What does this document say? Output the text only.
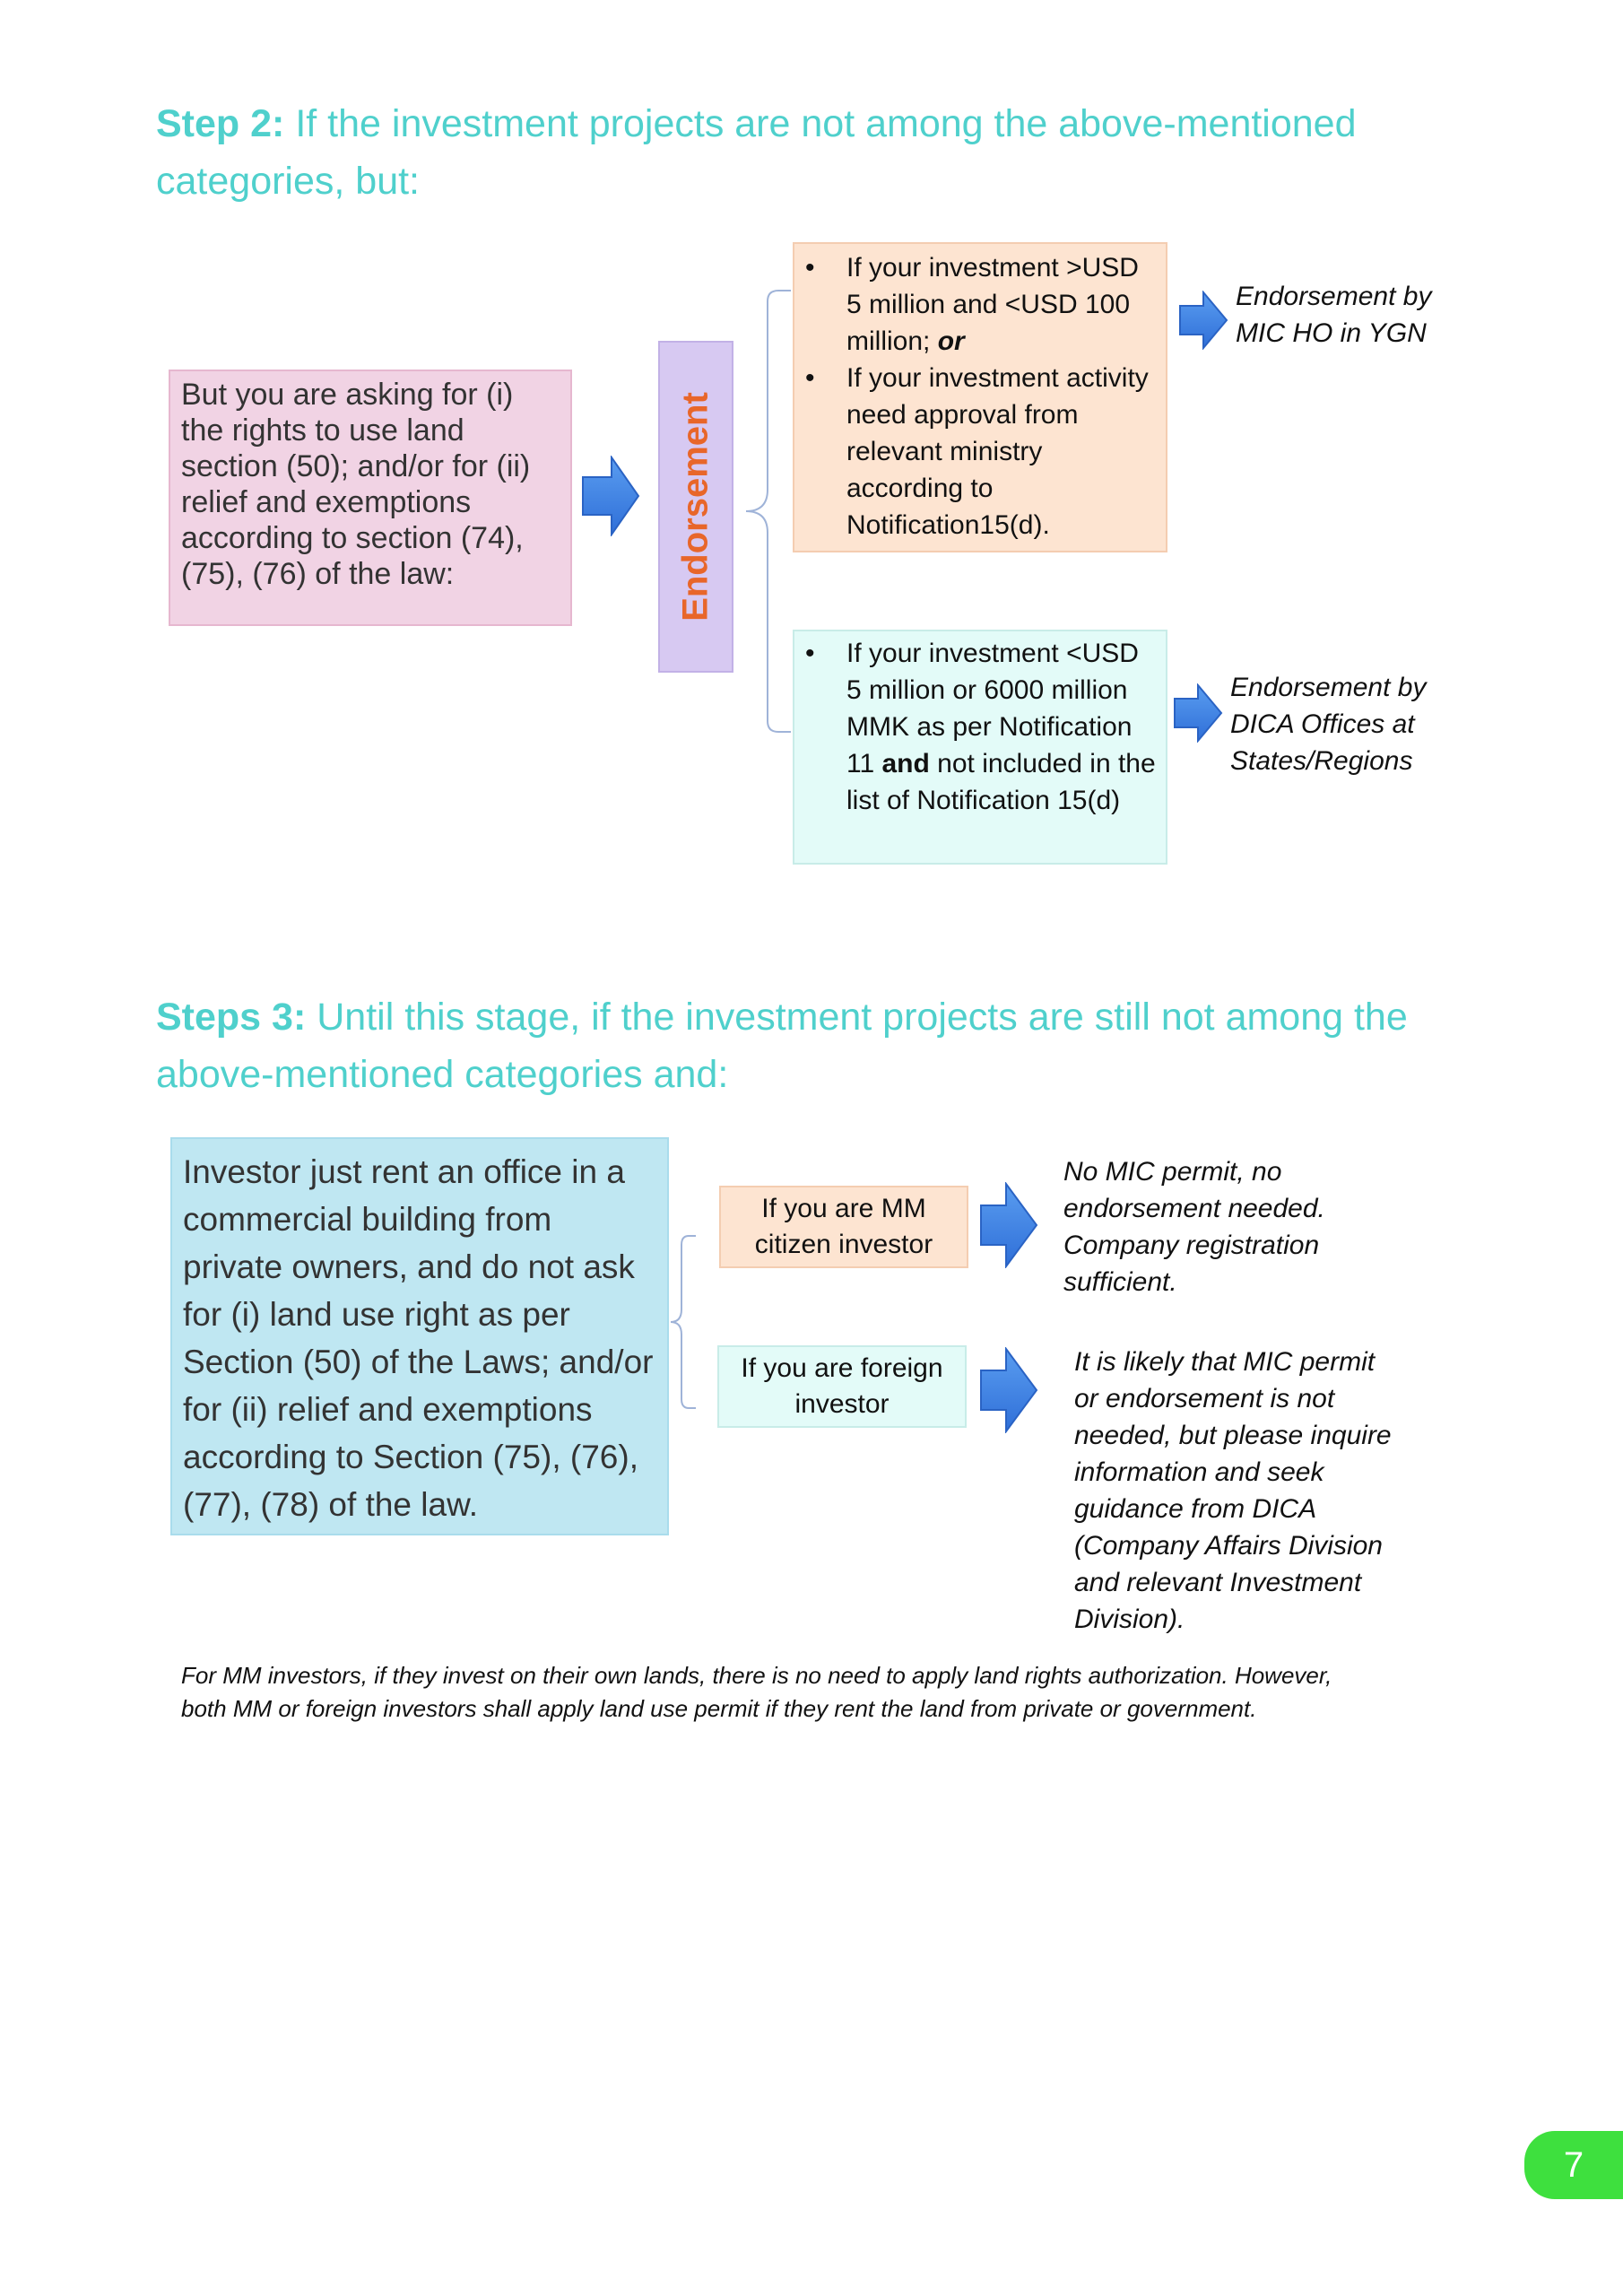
Step 2: If the investment projects are not among the above-mentioned categories, but:

But you are asking for (i) the rights to use land section (50); and/or for (ii) relief and exemptions according to section (74), (75), (76) of the law:	Endorsement
• If your investment >USD 5 million and <USD 100 million; or
• If your investment activity need approval from relevant ministry according to Notification15(d).
• If your investment <USD 5 million or 6000 million MMK as per Notification 11 and not included in the list of Notification 15(d)
Endorsement by MIC HO in YGN
Endorsement by DICA Offices at States/Regions

Steps 3: Until this stage, if the investment projects are still not among the above-mentioned categories and:

Investor just rent an office in a commercial building from private owners, and do not ask for (i) land use right as per Section (50) of the Laws; and/or for (ii) relief and exemptions according to Section (75), (76), (77), (78) of the law.
If you are MM citizen investor
If you are foreign investor
No MIC permit, no endorsement needed. Company registration sufficient.
It is likely that MIC permit or endorsement is not needed, but please inquire information and seek guidance from DICA (Company Affairs Division and relevant Investment Division).
For MM investors, if they invest on their own lands, there is no need to apply land rights authorization. However, both MM or foreign investors shall apply land use permit if they rent the land from private or government.
7
